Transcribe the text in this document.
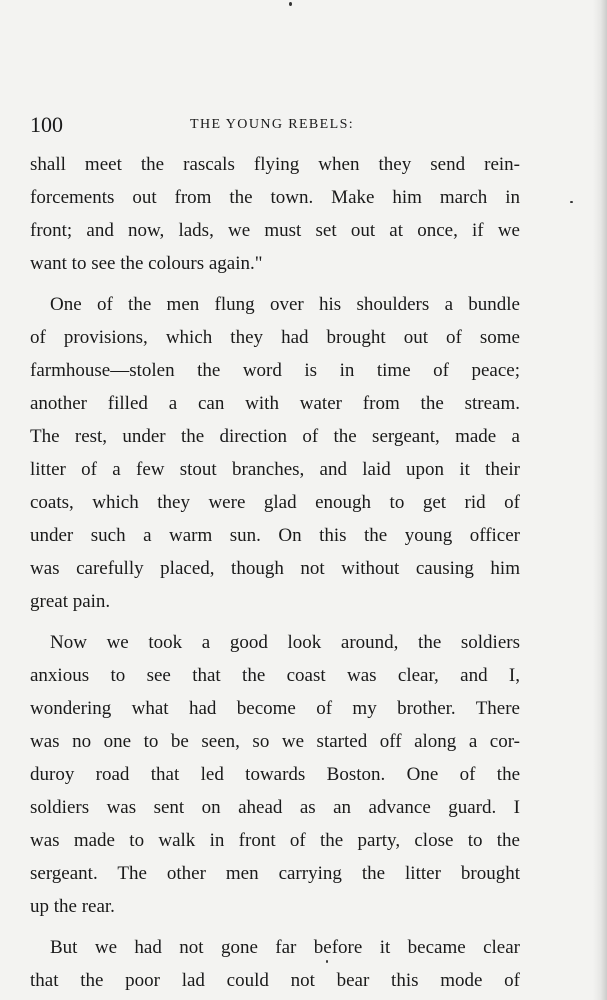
100	THE YOUNG REBELS:

shall meet the rascals flying when they send rein-
forcements out from the town. Make him march in
front; and now, lads, we must set out at once, if we
want to see the colours again."

One of the men flung over his shoulders a bundle
of provisions, which they had brought out of some
farmhouse—stolen the word is in time of peace;
another filled a can with water from the stream.
The rest, under the direction of the sergeant, made a
litter of a few stout branches, and laid upon it their
coats, which they were glad enough to get rid of
under such a warm sun. On this the young officer
was carefully placed, though not without causing him
great pain.

Now we took a good look around, the soldiers
anxious to see that the coast was clear, and I,
wondering what had become of my brother. There
was no one to be seen, so we started off along a cor-
duroy road that led towards Boston. One of the
soldiers was sent on ahead as an advance guard. I
was made to walk in front of the party, close to the
sergeant. The other men carrying the litter brought
up the rear.

But we had not gone far before it became clear
that the poor lad could not bear this mode of
